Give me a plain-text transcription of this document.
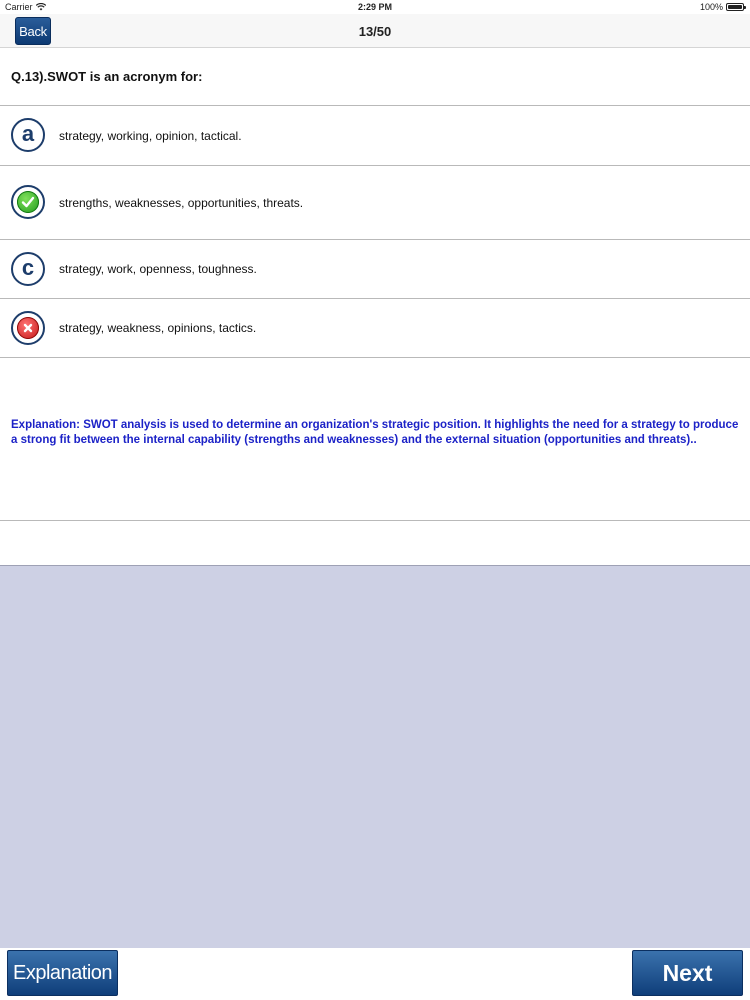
Carrier	2:29 PM	100%
Back	13/50
Q.13).SWOT is an acronym for:
a strategy, working, opinion, tactical.
strengths, weaknesses, opportunities, threats.
c strategy, work, openness, toughness.
strategy, weakness, opinions, tactics.
Explanation: SWOT analysis is used to determine an organization's strategic position. It highlights the need for a strategy to produce a strong fit between the internal capability (strengths and weaknesses) and the external situation (opportunities and threats)..
Explanation	Next
